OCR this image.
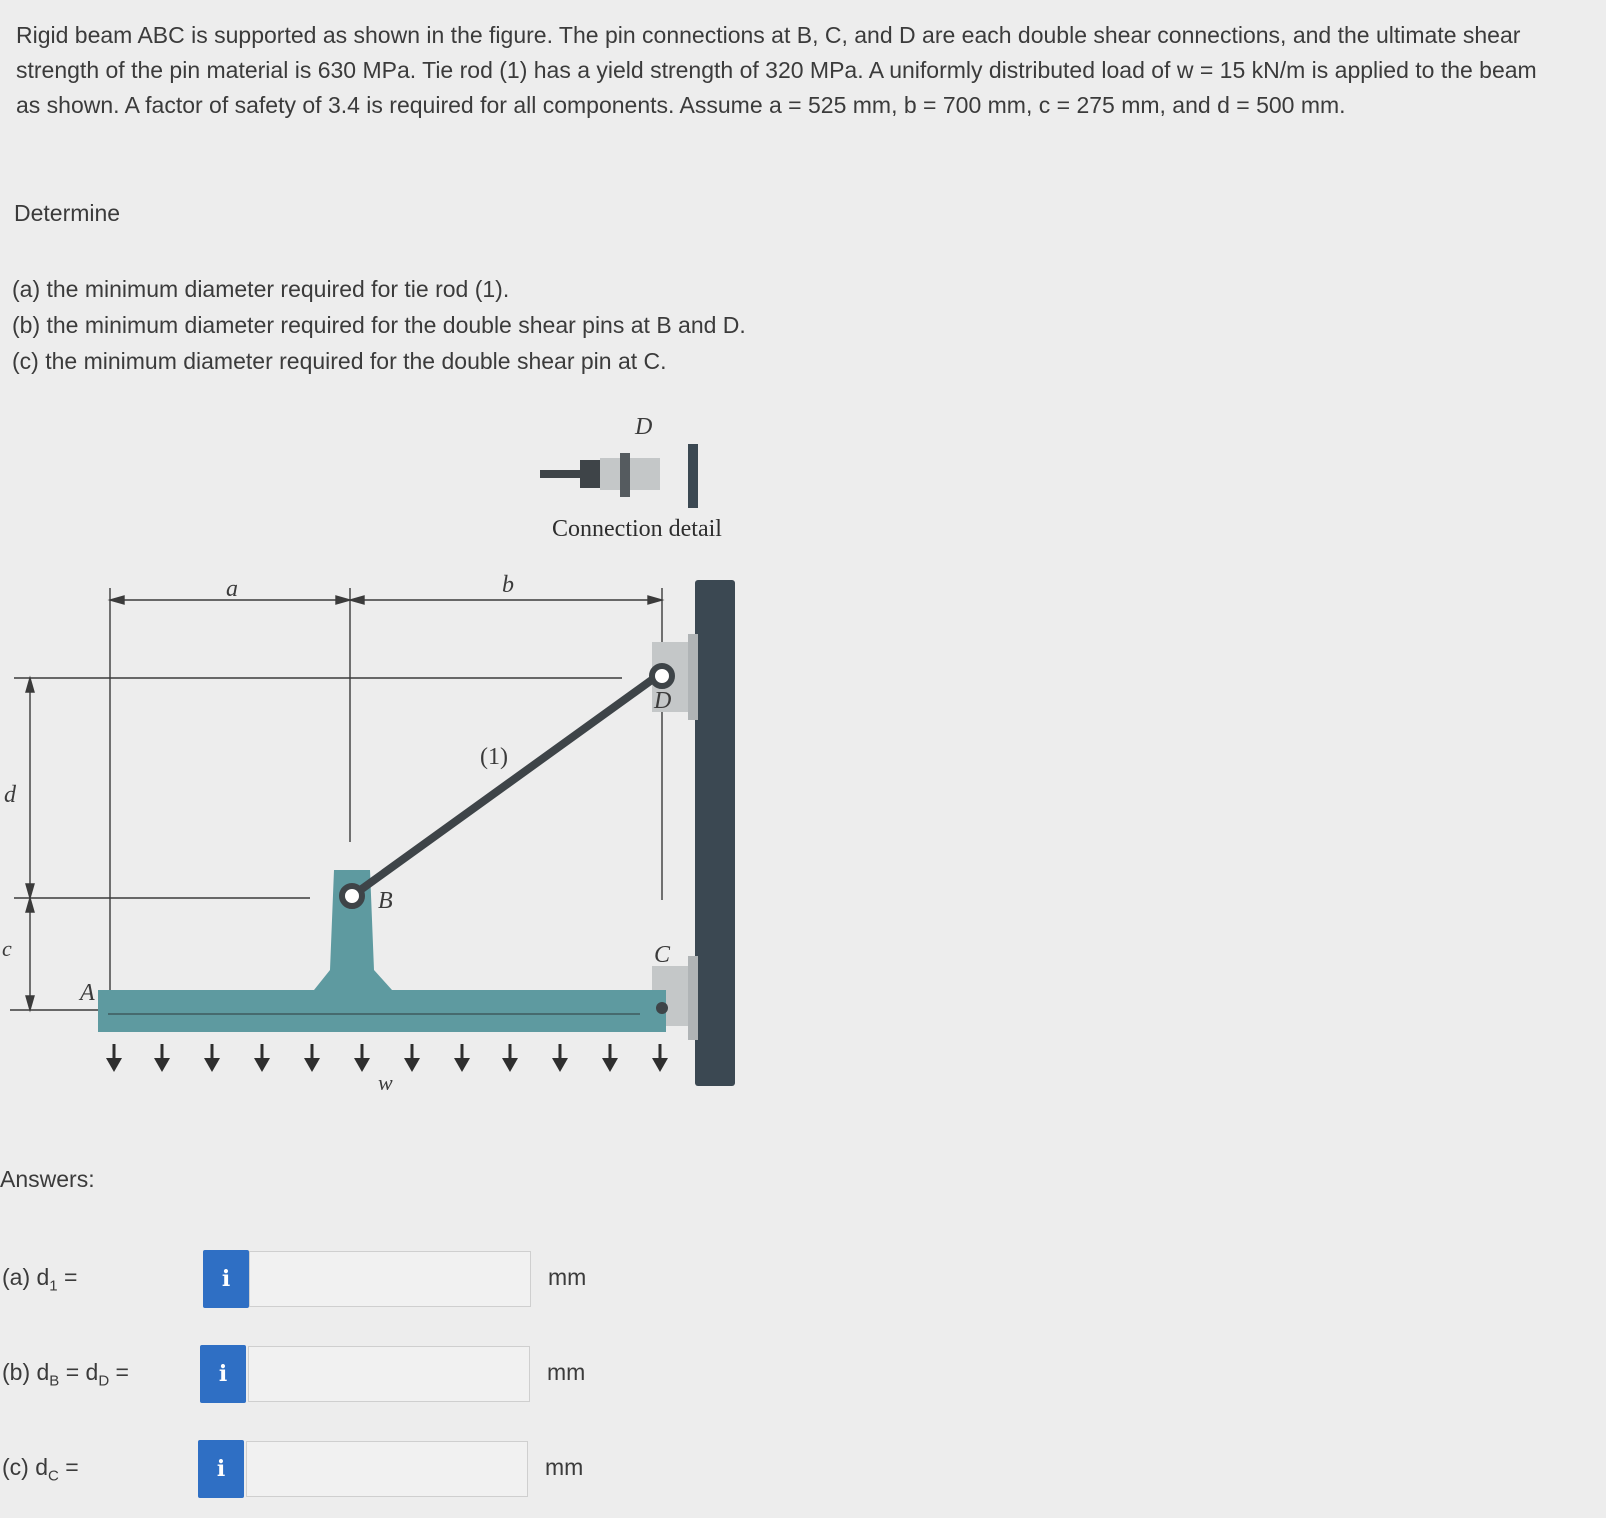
Rigid beam ABC is supported as shown in the figure. The pin connections at B, C, and D are each double shear connections, and the ultimate shear strength of the pin material is 630 MPa. Tie rod (1) has a yield strength of 320 MPa. A uniformly distributed load of w = 15 kN/m is applied to the beam as shown. A factor of safety of 3.4 is required for all components. Assume a = 525 mm, b = 700 mm, c = 275 mm, and d = 500 mm.

Determine
(a) the minimum diameter required for tie rod (1).
(b) the minimum diameter required for the double shear pins at B and D.
(c) the minimum diameter required for the double shear pin at C.
D
Connection detail
a	b
d
c
A
B
C
D
(1)
w
Answers:
(a) $d_1$ =	i	mm
(b) $d_B = d_D$ =	i	mm
(c) $d_C$ =	i	mm
